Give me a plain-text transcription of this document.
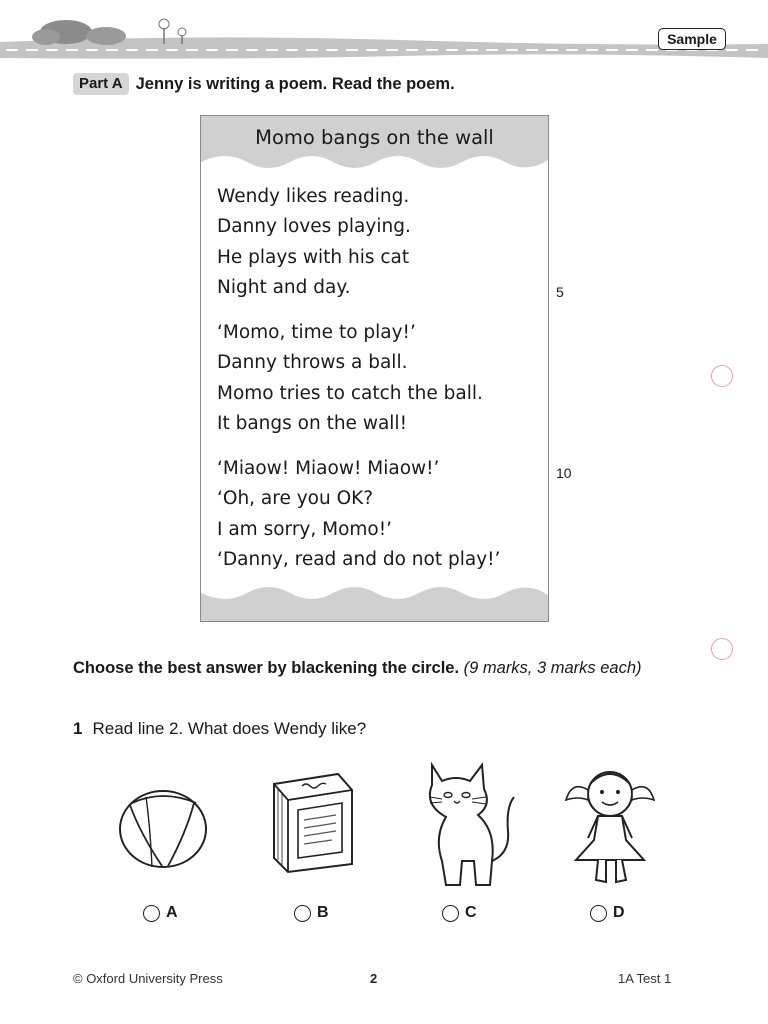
Sample
Part A Jenny is writing a poem. Read the poem.
Momo bangs on the wall
Wendy likes reading.
Danny loves playing.
He plays with his cat
Night and day.
‘Momo, time to play!’
Danny throws a ball.
Momo tries to catch the ball.
It bangs on the wall!
‘Miaow! Miaow! Miaow!’
‘Oh, are you OK?
I am sorry, Momo!’
‘Danny, read and do not play!’
5
10
Choose the best answer by blackening the circle. (9 marks, 3 marks each)
1 Read line 2. What does Wendy like?
A	B	C	D
© Oxford University Press	2	1A Test 1
